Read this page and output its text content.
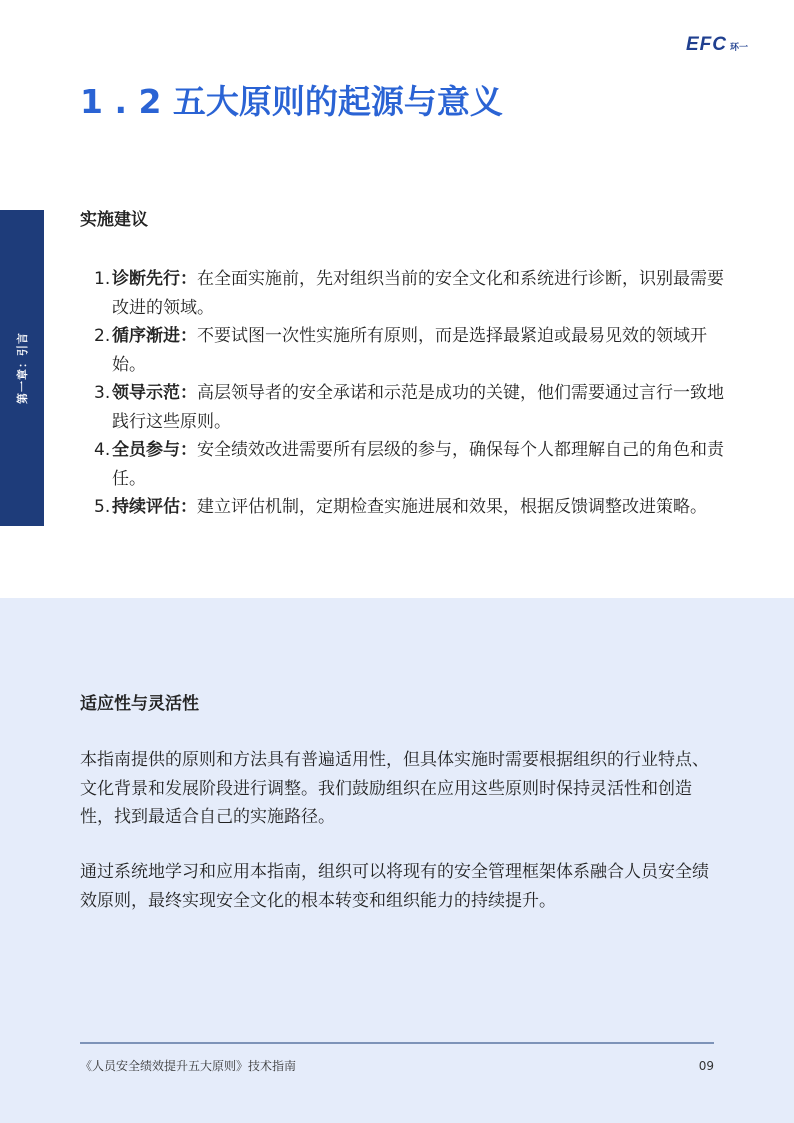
EFC 环一
1 . 2 五大原则的起源与意义
第一章：引言
实施建议
1. 诊断先行：在全面实施前，先对组织当前的安全文化和系统进行诊断，识别最需要改进的领域。
2. 循序渐进：不要试图一次性实施所有原则，而是选择最紧迫或最易见效的领域开始。
3. 领导示范：高层领导者的安全承诺和示范是成功的关键，他们需要通过言行一致地践行这些原则。
4. 全员参与：安全绩效改进需要所有层级的参与，确保每个人都理解自己的角色和责任。
5. 持续评估：建立评估机制，定期检查实施进展和效果，根据反馈调整改进策略。
适应性与灵活性

本指南提供的原则和方法具有普遍适用性，但具体实施时需要根据组织的行业特点、文化背景和发展阶段进行调整。我们鼓励组织在应用这些原则时保持灵活性和创造性，找到最适合自己的实施路径。

通过系统地学习和应用本指南，组织可以将现有的安全管理框架体系融合人员安全绩效原则，最终实现安全文化的根本转变和组织能力的持续提升。

《人员安全绩效提升五大原则》技术指南	09
